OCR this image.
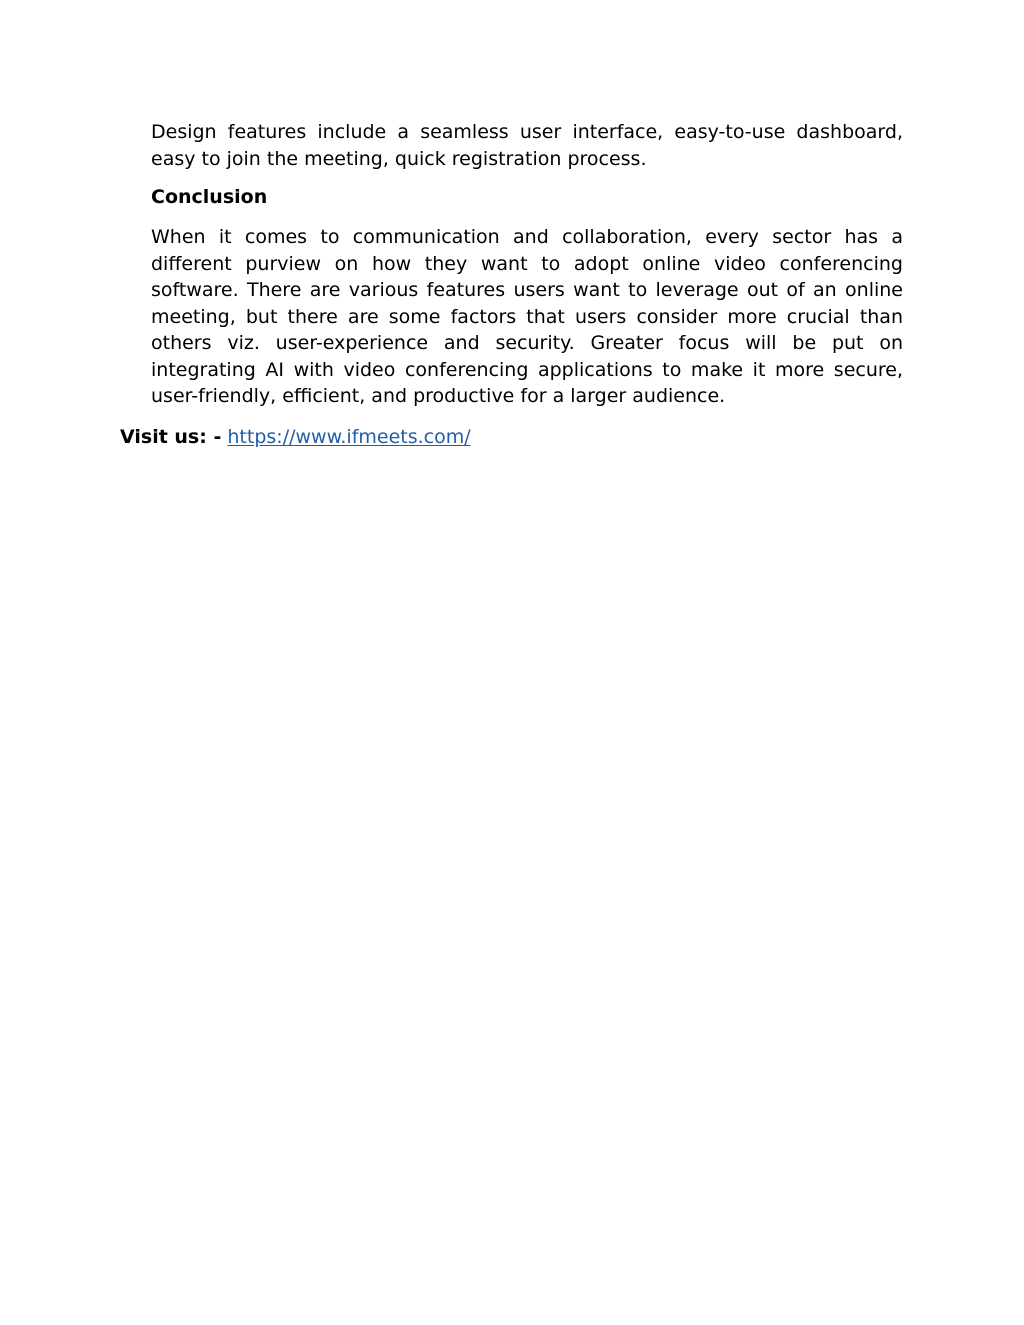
Design features include a seamless user interface, easy-to-use dashboard, easy to join the meeting, quick registration process.

Conclusion

When it comes to communication and collaboration, every sector has a different purview on how they want to adopt online video conferencing software. There are various features users want to leverage out of an online meeting, but there are some factors that users consider more crucial than others viz. user-experience and security. Greater focus will be put on integrating AI with video conferencing applications to make it more secure, user-friendly, efficient, and productive for a larger audience.

Visit us: - https://www.ifmeets.com/
